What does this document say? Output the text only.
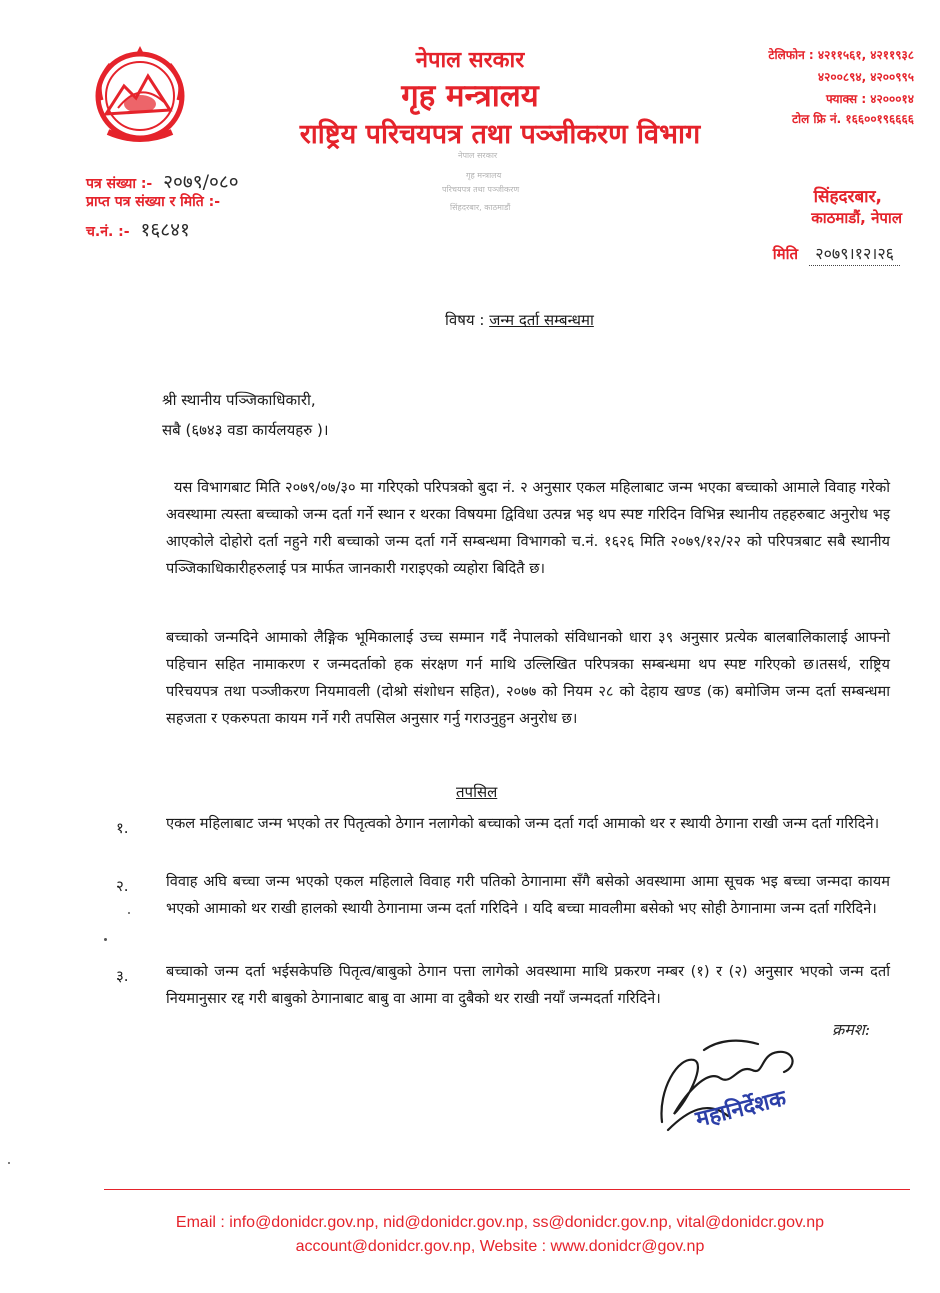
नेपाल सरकार
गृह मन्त्रालय
राष्ट्रिय परिचयपत्र तथा पञ्जीकरण विभाग
टेलिफोन : ४२११५६१, ४२११९३८
४२००८९४, ४२००९९५
फ्याक्स : ४२०००१४
टोल फ्रि नं. १६६००१९६६६६
पत्र संख्या :- २०७९/०८०
प्राप्त पत्र संख्या र मिति :-
च.नं. :- १६८४१
नेपाल सरकार
गृह मन्त्रालय
परिचयपत्र तथा पञ्जीकरण
सिंहदरबार, काठमाडौं
सिंहदरबार,
काठमाडौं, नेपाल
मिति २०७९।१२।२६
विषय : जन्म दर्ता सम्बन्धमा
श्री स्थानीय पञ्जिकाधिकारी,
सबै (६७४३ वडा कार्यलयहरु )।
यस विभागबाट मिति २०७९/०७/३० मा गरिएको परिपत्रको बुदा नं. २ अनुसार एकल महिलाबाट जन्म भएका बच्चाको आमाले विवाह गरेको अवस्थामा त्यस्ता बच्चाको जन्म दर्ता गर्ने स्थान र थरका विषयमा द्विविधा उत्पन्न भइ थप स्पष्ट गरिदिन विभिन्न स्थानीय तहहरुबाट अनुरोध भइ आएकोले दोहोरो दर्ता नहुने गरी बच्चाको जन्म दर्ता गर्ने सम्बन्धमा विभागको च.नं. १६२६ मिति २०७९/१२/२२ को परिपत्रबाट सबै स्थानीय पञ्जिकाधिकारीहरुलाई पत्र मार्फत जानकारी गराइएको व्यहोरा बिदितै छ।
बच्चाको जन्मदिने आमाको लैङ्गिक भूमिकालाई उच्च सम्मान गर्दै नेपालको संविधानको धारा ३९ अनुसार प्रत्येक बालबालिकालाई आफ्नो पहिचान सहित नामाकरण र जन्मदर्ताको हक संरक्षण गर्न माथि उल्लिखित परिपत्रका सम्बन्धमा थप स्पष्ट गरिएको छ।तसर्थ, राष्ट्रिय परिचयपत्र तथा पञ्जीकरण नियमावली (दोश्रो संशोधन सहित), २०७७ को नियम २८ को देहाय खण्ड (क) बमोजिम जन्म दर्ता सम्बन्धमा सहजता र एकरुपता कायम गर्ने गरी तपसिल अनुसार गर्नु गराउनुहुन अनुरोध छ।
तपसिल
१.	एकल महिलाबाट जन्म भएको तर पितृत्वको ठेगान नलागेको बच्चाको जन्म दर्ता गर्दा आमाको थर र स्थायी ठेगाना राखी जन्म दर्ता गरिदिने।
२.	विवाह अघि बच्चा जन्म भएको एकल महिलाले विवाह गरी पतिको ठेगानामा सँगै बसेको अवस्थामा आमा सूचक भइ बच्चा जन्मदा कायम भएको आमाको थर राखी हालको स्थायी ठेगानामा जन्म दर्ता गरिदिने । यदि बच्चा मावलीमा बसेको भए सोही ठेगानामा जन्म दर्ता गरिदिने।
३.	बच्चाको जन्म दर्ता भईसकेपछि पितृत्व/बाबुको ठेगान पत्ता लागेको अवस्थामा माथि प्रकरण नम्बर (१) र (२) अनुसार भएको जन्म दर्ता नियमानुसार रद्द गरी बाबुको ठेगानाबाट बाबु वा आमा वा दुबैको थर राखी नयाँ जन्मदर्ता गरिदिने।
क्रमश:
महानिर्देशक
Email : info@donidcr.gov.np, nid@donidcr.gov.np, ss@donidcr.gov.np, vital@donidcr.gov.np
account@donidcr.gov.np, Website : www.donidcr@gov.np
